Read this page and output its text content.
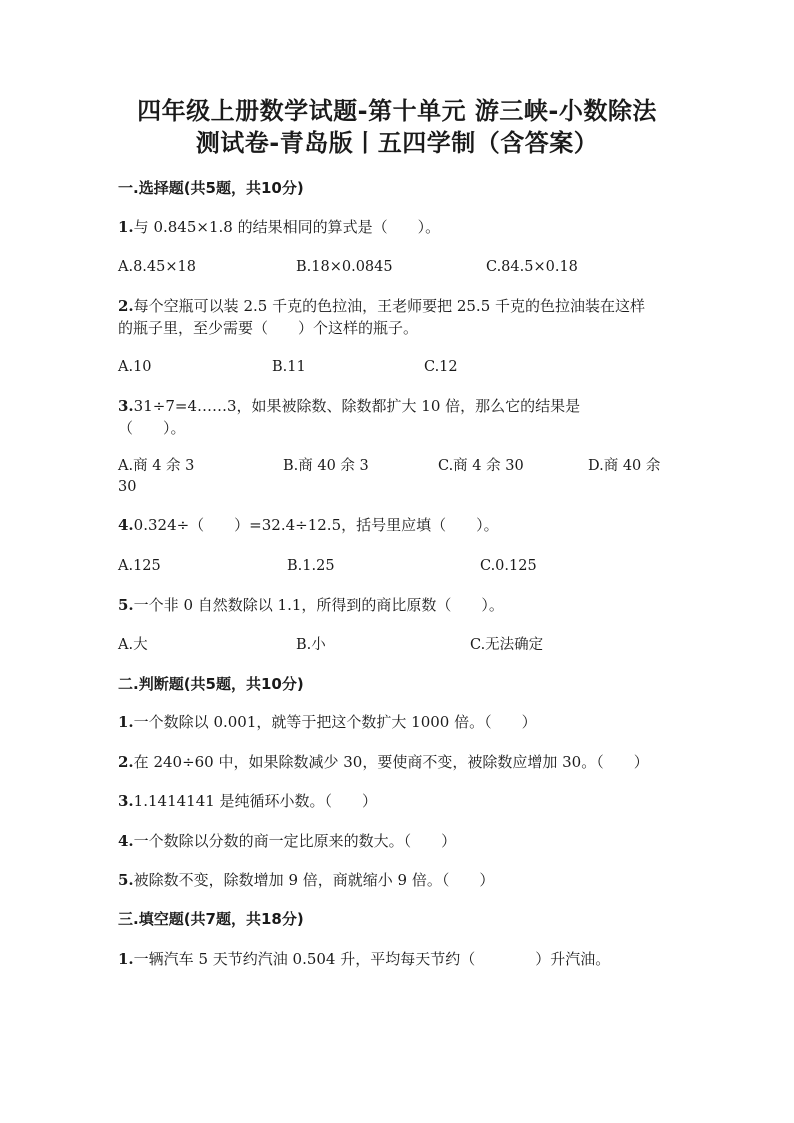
四年级上册数学试题-第十单元 游三峡-小数除法
测试卷-青岛版丨五四学制（含答案）
一.选择题(共5题，共10分)
1.与 0.845×1.8 的结果相同的算式是（　　）。
A.8.45×18	B.18×0.0845	C.84.5×0.18
2.每个空瓶可以装 2.5 千克的色拉油，王老师要把 25.5 千克的色拉油装在这样
的瓶子里，至少需要（　　）个这样的瓶子。
A.10	B.11	C.12
3.31÷7=4……3，如果被除数、除数都扩大 10 倍，那么它的结果是
（　　）。
A.商 4 余 3	B.商 40 余 3	C.商 4 余 30	D.商 40 余
30
4.0.324÷（　　）=32.4÷12.5，括号里应填（　　）。
A.125	B.1.25	C.0.125
5.一个非 0 自然数除以 1.1，所得到的商比原数（　　）。
A.大	B.小	C.无法确定
二.判断题(共5题，共10分)
1.一个数除以 0.001，就等于把这个数扩大 1000 倍。（　　）
2.在 240÷60 中，如果除数减少 30，要使商不变，被除数应增加 30。（　　）
3.1.1414141 是纯循环小数。（　　）
4.一个数除以分数的商一定比原来的数大。（　　）
5.被除数不变，除数增加 9 倍，商就缩小 9 倍。（　　）
三.填空题(共7题，共18分)
1.一辆汽车 5 天节约汽油 0.504 升，平均每天节约（　　　　）升汽油。
